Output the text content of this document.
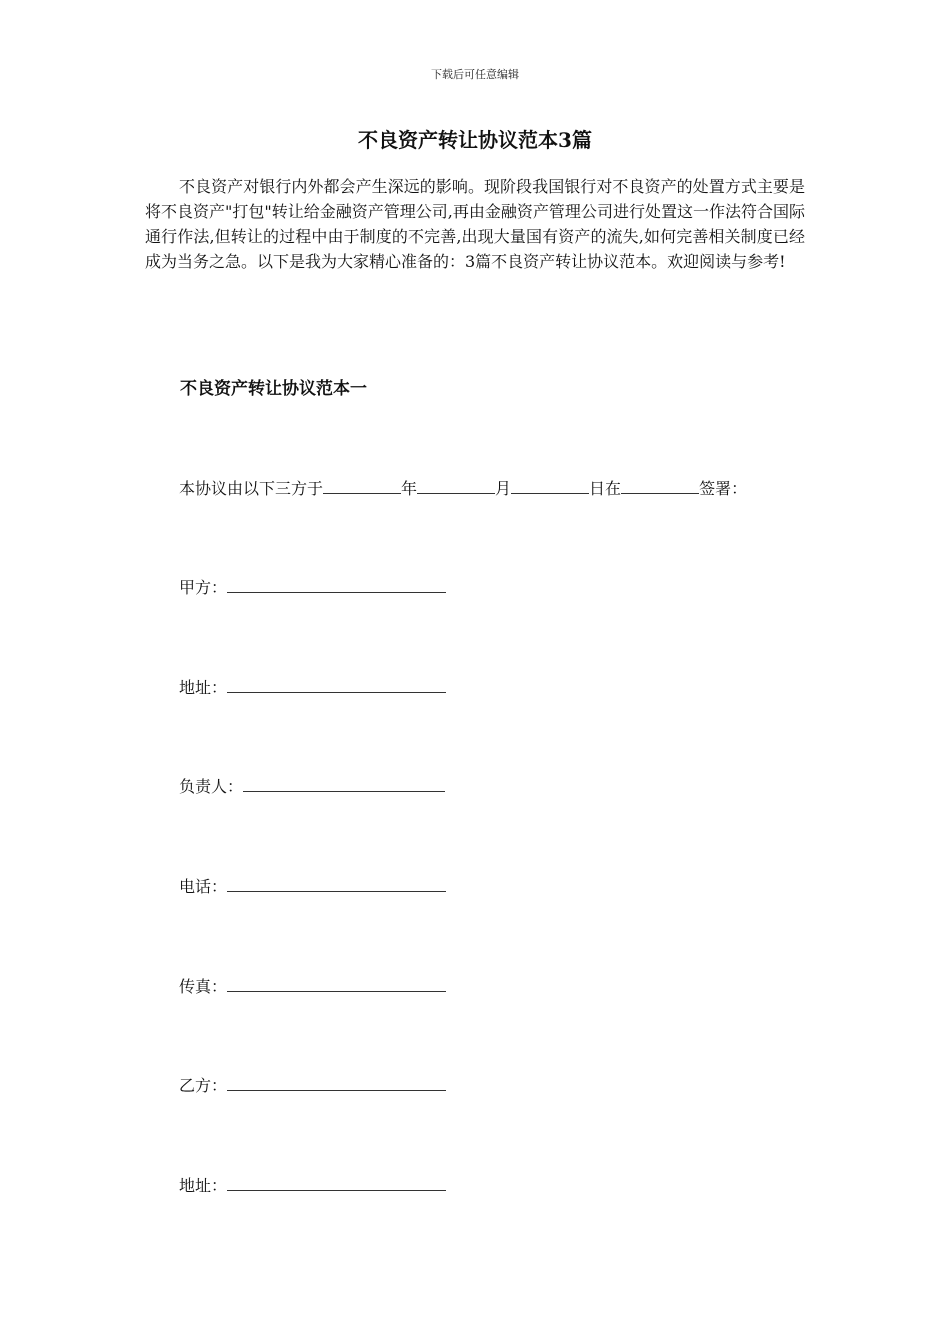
下载后可任意编辑
不良资产转让协议范本3篇

不良资产对银行内外都会产生深远的影响。现阶段我国银行对不良资产的处置方式主要是将不良资产"打包"转让给金融资产管理公司,再由金融资产管理公司进行处置这一作法符合国际通行作法,但转让的过程中由于制度的不完善,出现大量国有资产的流失,如何完善相关制度已经成为当务之急。以下是我为大家精心准备的：3篇不良资产转让协议范本。欢迎阅读与参考!

不良资产转让协议范本一
本协议由以下三方于	年	月	日在	签署：
甲方：
地址：
负责人：
电话：
传真：
乙方：
地址：
